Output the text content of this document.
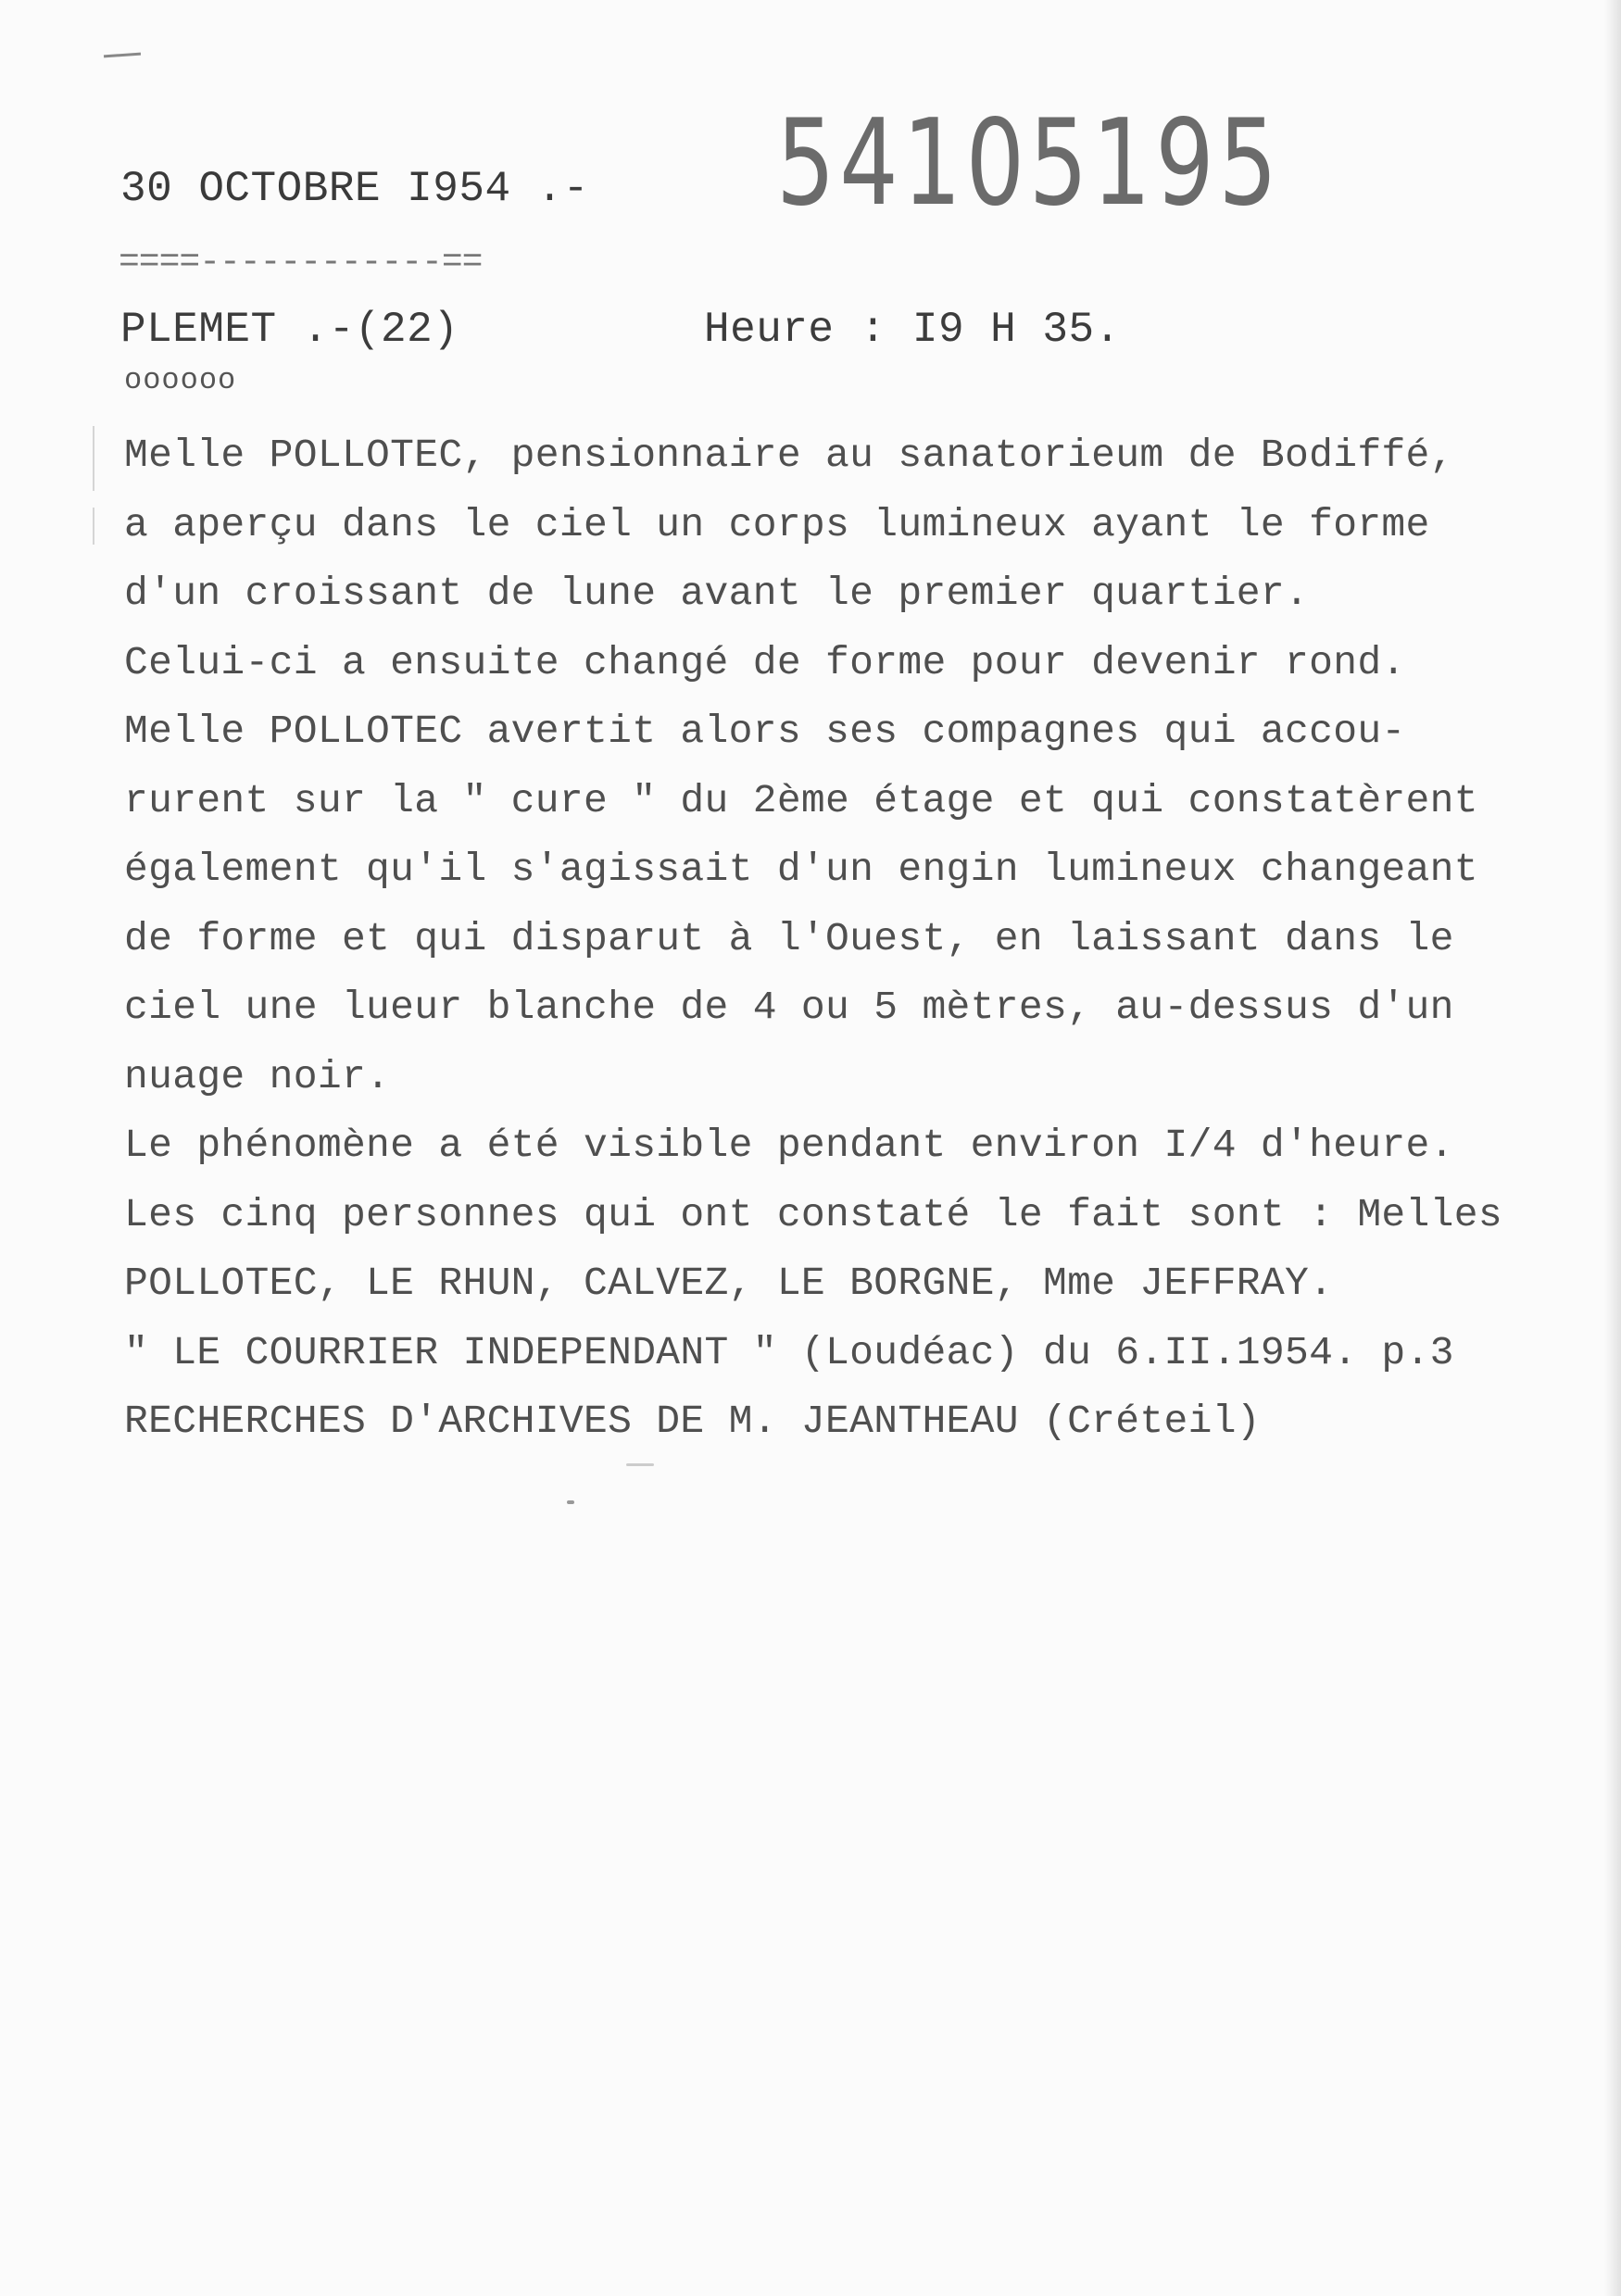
30 OCTOBRE I954 .- 54105195
====------------==
PLEMET .-(22)	Heure : I9 H 35.
oooooo
Melle POLLOTEC, pensionnaire au sanatorieum de Bodiffé,
a aperçu dans le ciel un corps lumineux ayant le forme
d'un croissant de lune avant le premier quartier.
Celui-ci a ensuite changé de forme pour devenir rond.
Melle POLLOTEC avertit alors ses compagnes qui accou-
rurent sur la " cure " du 2ème étage et qui constatèrent
également qu'il s'agissait d'un engin lumineux changeant
de forme et qui disparut à l'Ouest, en laissant dans le
ciel une lueur blanche de 4 ou 5 mètres, au-dessus d'un
nuage noir.
Le phénomène a été visible pendant environ I/4 d'heure.
Les cinq personnes qui ont constaté le fait sont : Melles
POLLOTEC, LE RHUN, CALVEZ, LE BORGNE, Mme JEFFRAY.
" LE COURRIER INDEPENDANT " (Loudéac) du 6.II.1954. p.3
RECHERCHES D'ARCHIVES DE M. JEANTHEAU (Créteil)
